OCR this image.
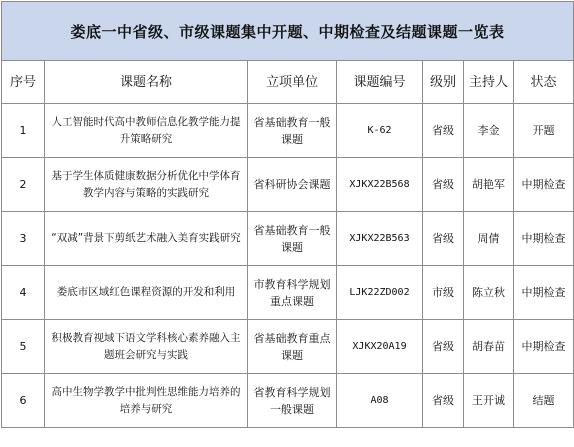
娄底一中省级、市级课题集中开题、中期检查及结题课题一览表						
序号	课题名称	立项单位	课题编号	级别	主持人	状态
1	人工智能时代高中教师信息化教学能力提升策略研究	省基础教育一般课题	K-62	省级	李金	开题
2	基于学生体质健康数据分析优化中学体育教学内容与策略的实践研究	省科研协会课题	XJKX22B568	省级	胡艳军	中期检查
3	“双减”背景下剪纸艺术融入美育实践研究	省基础教育一般课题	XJKX22B563	省级	周倩	中期检查
4	娄底市区域红色课程资源的开发和利用	市教育科学规划重点课题	LJK22ZD002	市级	陈立秋	中期检查
5	积极教育视域下语文学科核心素养融入主题班会研究与实践	省基础教育重点课题	XJKX20A19	省级	胡春苗	中期检查
6	高中生物学教学中批判性思维能力培养的培养与研究	省教育科学规划一般课题	A08	省级	王开诚	结题
